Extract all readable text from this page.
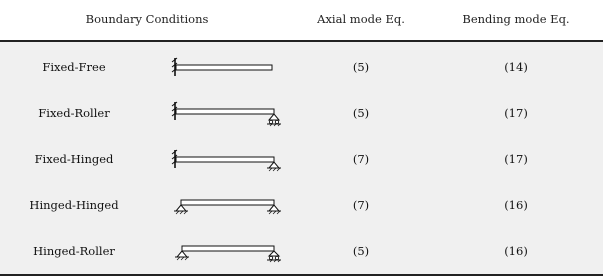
Boundary Conditions	Axial mode Eq.	Bending mode Eq.
Fixed-Free	(5)	(14)
Fixed-Roller	(5)	(17)
Fixed-Hinged	(7)	(17)
Hinged-Hinged	(7)	(16)
Hinged-Roller	(5)	(16)
